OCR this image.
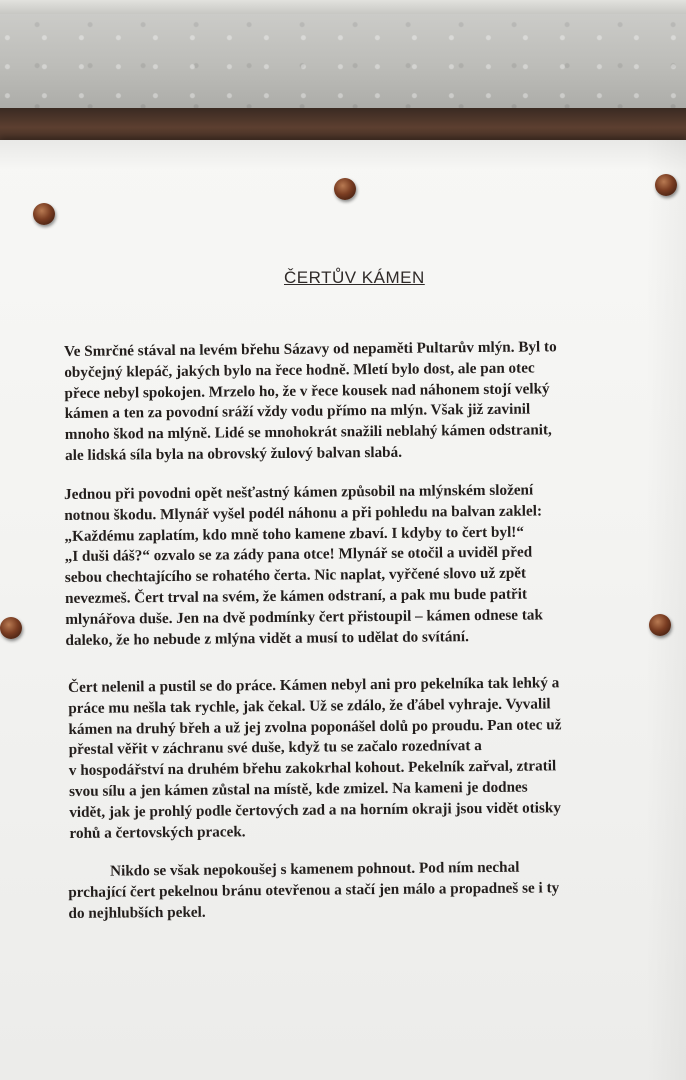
ČERTŮV KÁMEN
Ve Smrčné stával na levém břehu Sázavy od nepaměti Pultarův mlýn. Byl to
obyčejný klepáč, jakých bylo na řece hodně. Mletí bylo dost, ale pan otec
přece nebyl spokojen. Mrzelo ho, že v řece kousek nad náhonem stojí velký
kámen a ten za povodní sráží vždy vodu přímo na mlýn. Však již zavinil
mnoho škod na mlýně. Lidé se mnohokrát snažili neblahý kámen odstranit,
ale lidská síla byla na obrovský žulový balvan slabá.
Jednou při povodni opět nešťastný kámen způsobil na mlýnském složení
notnou škodu. Mlynář vyšel podél náhonu a při pohledu na balvan zaklel:
„Každému zaplatím, kdo mně toho kamene zbaví. I kdyby to čert byl!“
„I duši dáš?“ ozvalo se za zády pana otce! Mlynář se otočil a uviděl před
sebou chechtajícího se rohatého čerta. Nic naplat, vyřčené slovo už zpět
nevezmeš. Čert trval na svém, že kámen odstraní, a pak mu bude patřit
mlynářova duše. Jen na dvě podmínky čert přistoupil – kámen odnese tak
daleko, že ho nebude z mlýna vidět a musí to udělat do svítání.
Čert nelenil a pustil se do práce. Kámen nebyl ani pro pekelníka tak lehký a
práce mu nešla tak rychle, jak čekal. Už se zdálo, že ďábel vyhraje. Vyvalil
kámen na druhý břeh a už jej zvolna poponášel dolů po proudu. Pan otec už
přestal věřit v záchranu své duše, když tu se začalo rozednívat a
v hospodářství na druhém břehu zakokrhal kohout. Pekelník zařval, ztratil
svou sílu a jen kámen zůstal na místě, kde zmizel. Na kameni je dodnes
vidět, jak je prohlý podle čertových zad a na horním okraji jsou vidět otisky
rohů a čertovských pracek.
Nikdo se však nepokoušej s kamenem pohnout. Pod ním nechal
prchající čert pekelnou bránu otevřenou a stačí jen málo a propadneš se i ty
do nejhlubších pekel.
